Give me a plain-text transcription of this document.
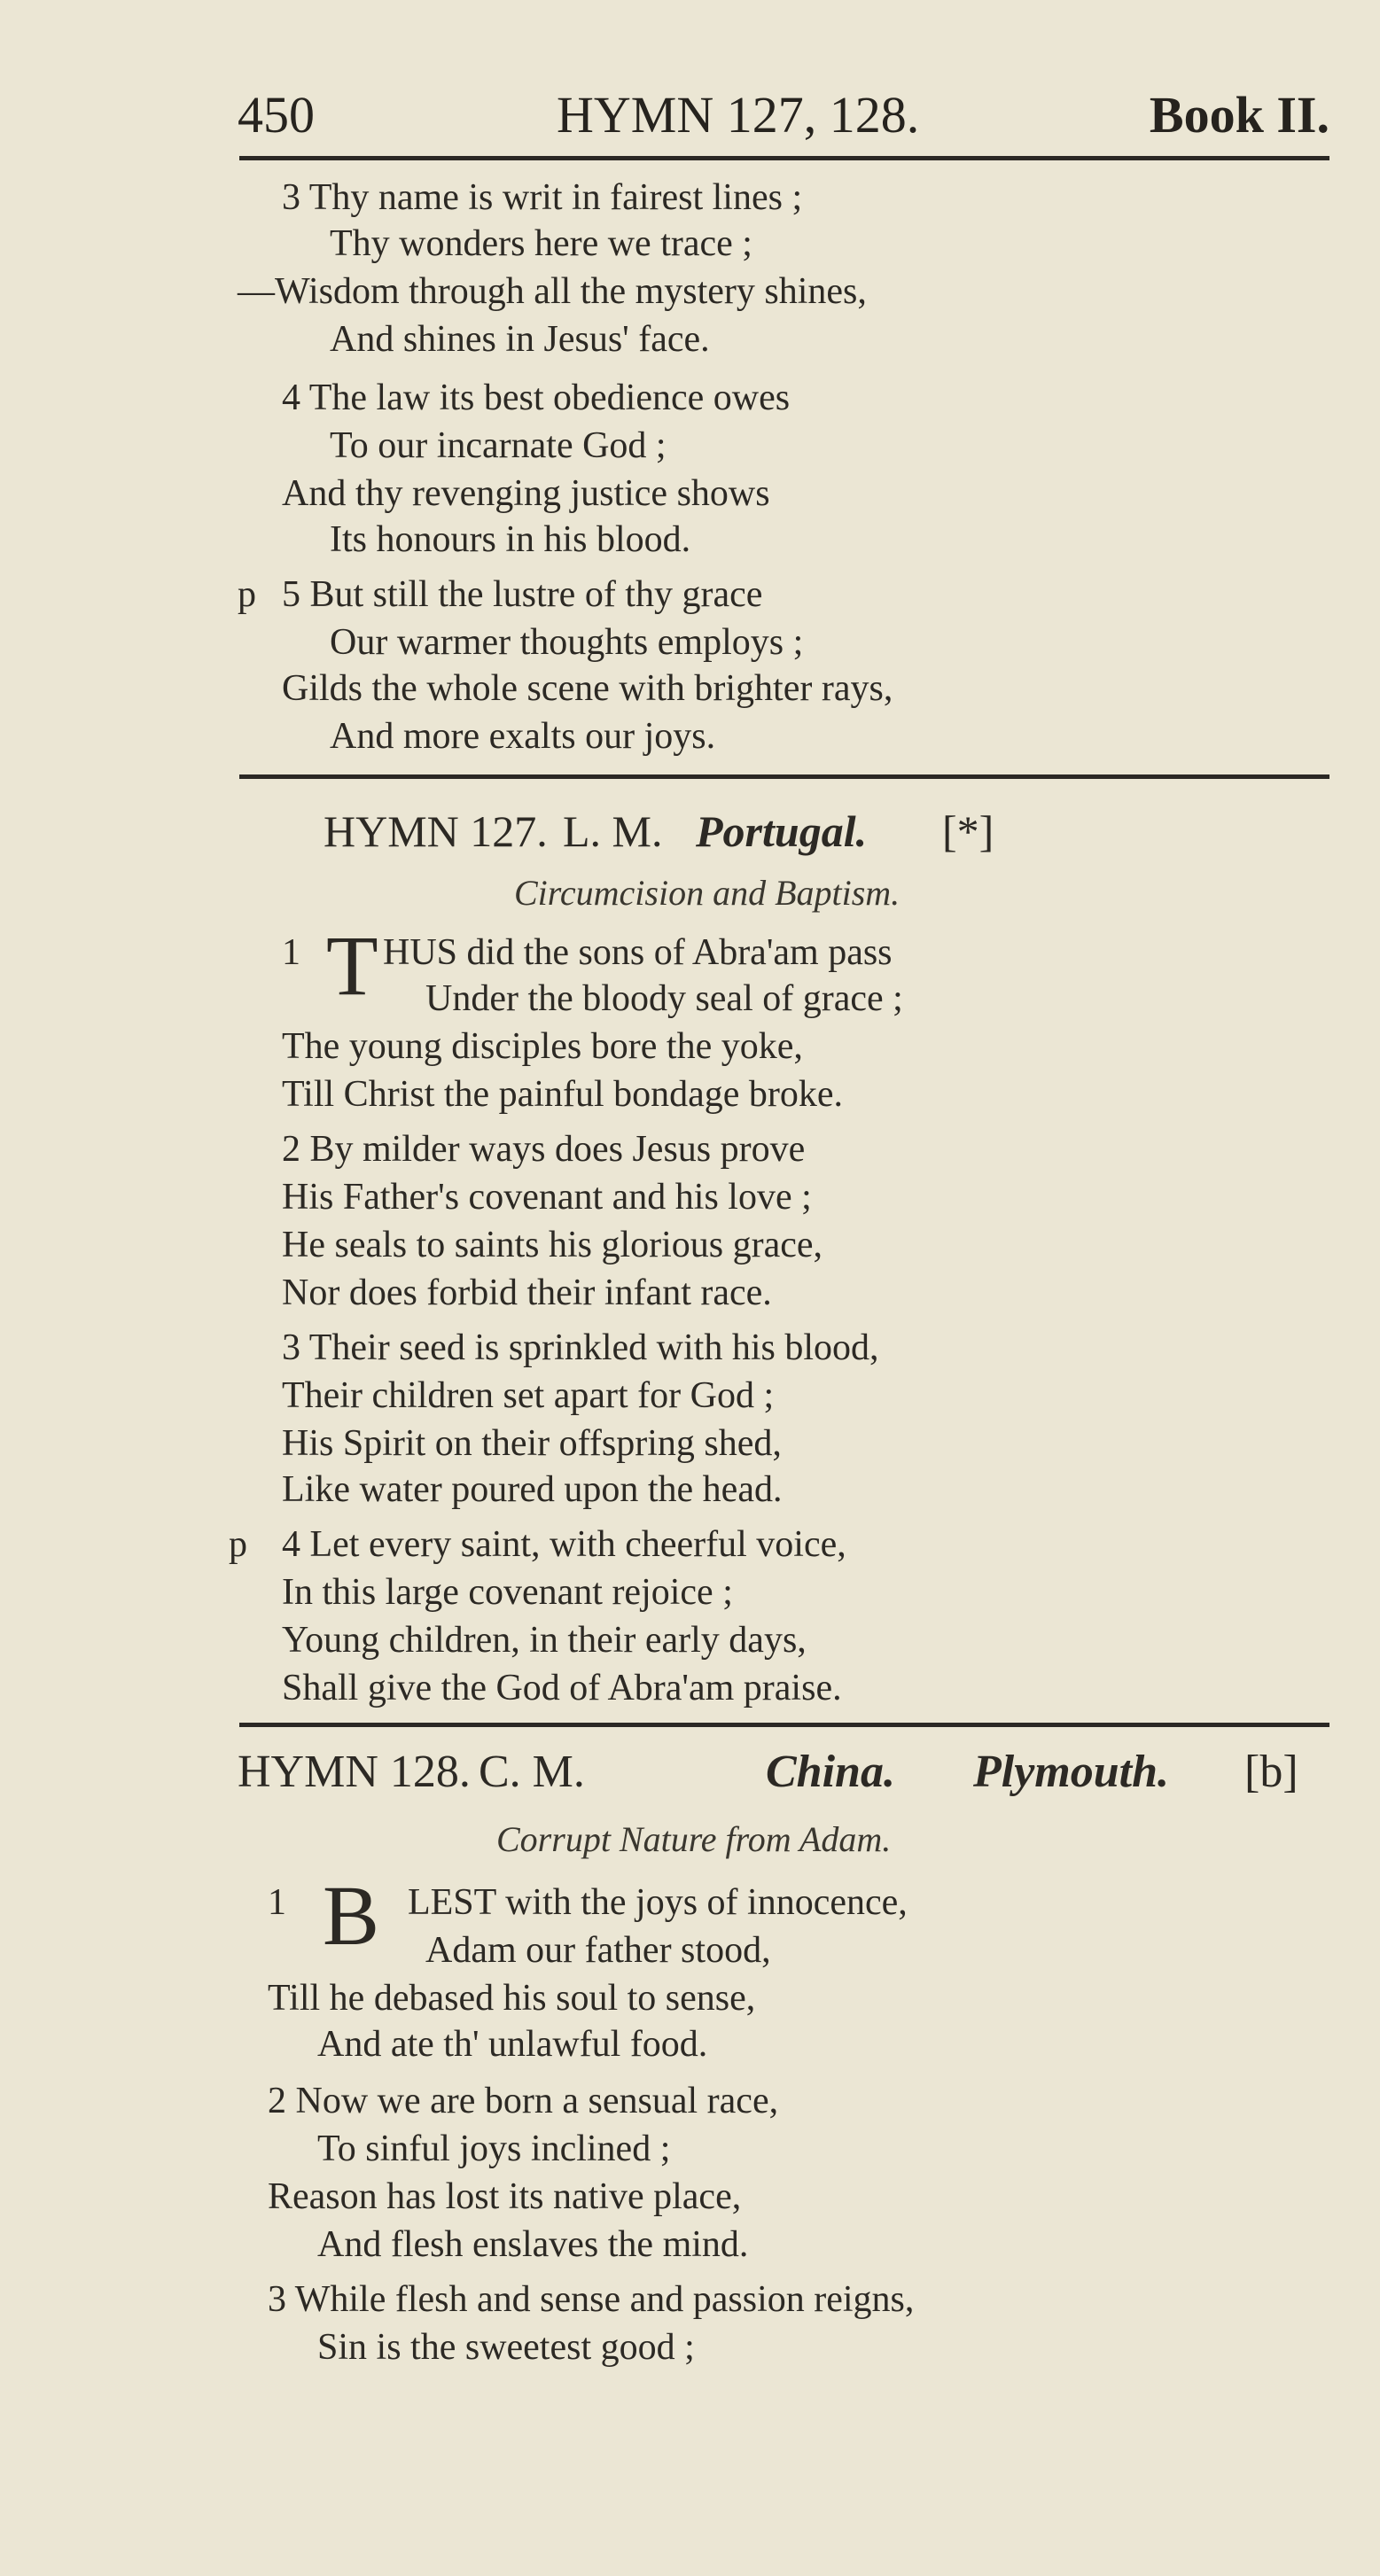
450	HYMN 127, 128.	Book II.
3 Thy name is writ in fairest lines ;
Thy wonders here we trace ;
—Wisdom through all the mystery shines,
And shines in Jesus' face.
4 The law its best obedience owes
To our incarnate God ;
And thy revenging justice shows
Its honours in his blood.
p 5 But still the lustre of thy grace
Our warmer thoughts employs ;
Gilds the whole scene with brighter rays,
And more exalts our joys.
HYMN 127. L. M. Portugal. [*]
Circumcision and Baptism.
1 T HUS did the sons of Abra'am pass
Under the bloody seal of grace ;
The young disciples bore the yoke,
Till Christ the painful bondage broke.
2 By milder ways does Jesus prove
His Father's covenant and his love ;
He seals to saints his glorious grace,
Nor does forbid their infant race.
3 Their seed is sprinkled with his blood,
Their children set apart for God ;
His Spirit on their offspring shed,
Like water poured upon the head.
p 4 Let every saint, with cheerful voice,
In this large covenant rejoice ;
Young children, in their early days,
Shall give the God of Abra'am praise.
HYMN 128. C. M.	China. Plymouth. [b]
Corrupt Nature from Adam.
1 B LEST with the joys of innocence,
Adam our father stood,
Till he debased his soul to sense,
And ate th' unlawful food.
2 Now we are born a sensual race,
To sinful joys inclined ;
Reason has lost its native place,
And flesh enslaves the mind.
3 While flesh and sense and passion reigns,
Sin is the sweetest good ;
